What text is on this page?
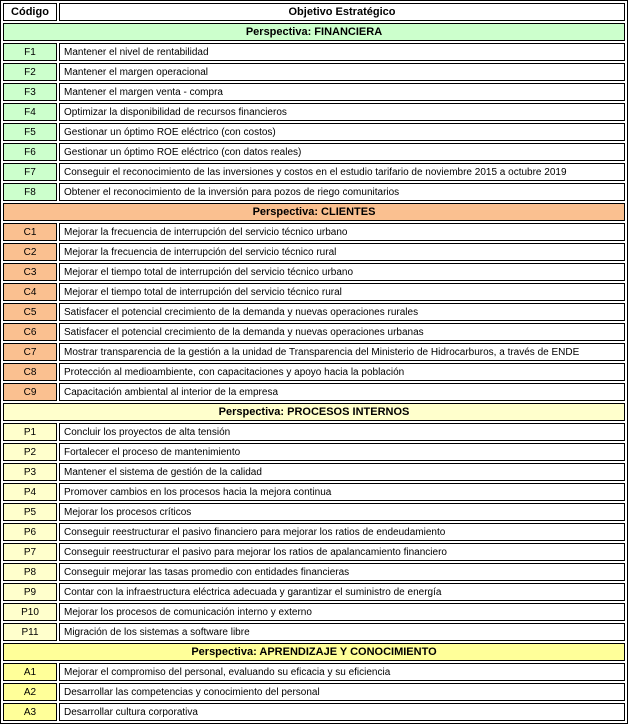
Código	Objetivo Estratégico
Perspectiva: FINANCIERA	
F1	Mantener el nivel de rentabilidad
F2	Mantener el margen operacional
F3	Mantener el margen venta - compra
F4	Optimizar la disponibilidad de recursos financieros
F5	Gestionar un óptimo ROE eléctrico (con costos)
F6	Gestionar un óptimo ROE eléctrico (con datos reales)
F7	Conseguir el reconocimiento de las inversiones y costos en el estudio tarifario de noviembre 2015 a octubre 2019
F8	Obtener el reconocimiento de la inversión para pozos de riego comunitarios
Perspectiva: CLIENTES	
C1	Mejorar la frecuencia de interrupción del servicio técnico urbano
C2	Mejorar la frecuencia de interrupción del servicio técnico rural
C3	Mejorar el tiempo total de interrupción del servicio técnico urbano
C4	Mejorar el tiempo total de interrupción del servicio técnico rural
C5	Satisfacer el potencial crecimiento de la demanda y nuevas operaciones rurales
C6	Satisfacer el potencial crecimiento de la demanda y nuevas operaciones urbanas
C7	Mostrar transparencia de la gestión a la unidad de Transparencia del Ministerio de Hidrocarburos, a través de ENDE
C8	Protección al medioambiente, con capacitaciones y apoyo hacia la población
C9	Capacitación ambiental al interior de la empresa
Perspectiva: PROCESOS INTERNOS	
P1	Concluir los proyectos de alta tensión
P2	Fortalecer el proceso de mantenimiento
P3	Mantener el sistema de gestión de la calidad
P4	Promover cambios en los procesos hacia la mejora continua
P5	Mejorar los procesos críticos
P6	Conseguir reestructurar el pasivo financiero para mejorar los ratios de endeudamiento
P7	Conseguir reestructurar el pasivo para mejorar los ratios de apalancamiento financiero
P8	Conseguir mejorar las tasas promedio con entidades financieras
P9	Contar con la infraestructura eléctrica adecuada y garantizar el suministro de energía
P10	Mejorar los procesos de comunicación interno y externo
P11	Migración de los sistemas a software libre
Perspectiva: APRENDIZAJE Y CONOCIMIENTO	
A1	Mejorar el compromiso del personal, evaluando su eficacia y su eficiencia
A2	Desarrollar las competencias y conocimiento del personal
A3	Desarrollar cultura corporativa
